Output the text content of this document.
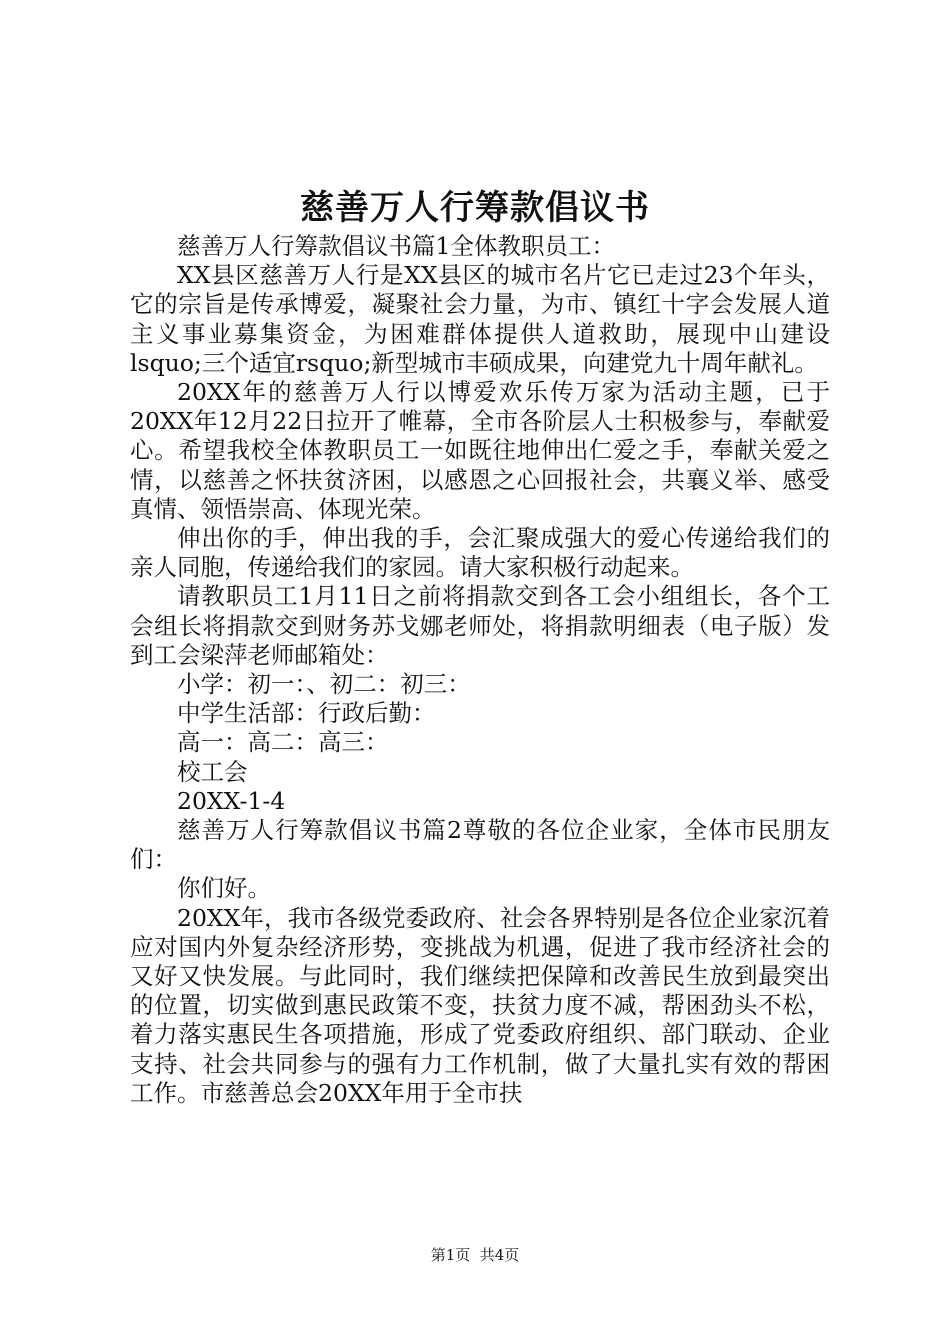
慈善万人行筹款倡议书

慈善万人行筹款倡议书篇1全体教职员工：

XX县区慈善万人行是XX县区的城市名片它已走过23个年头，它的宗旨是传承博爱，凝聚社会力量，为市、镇红十字会发展人道主义事业募集资金，为困难群体提供人道救助，展现中山建设lsquo;三个适宜rsquo;新型城市丰硕成果，向建党九十周年献礼。

20XX年的慈善万人行以博爱欢乐传万家为活动主题，已于20XX年12月22日拉开了帷幕，全市各阶层人士积极参与，奉献爱心。希望我校全体教职员工一如既往地伸出仁爱之手，奉献关爱之情，以慈善之怀扶贫济困，以感恩之心回报社会，共襄义举、感受真情、领悟崇高、体现光荣。

伸出你的手，伸出我的手，会汇聚成强大的爱心传递给我们的亲人同胞，传递给我们的家园。请大家积极行动起来。

请教职员工1月11日之前将捐款交到各工会小组组长，各个工会组长将捐款交到财务苏戈娜老师处，将捐款明细表（电子版）发到工会梁萍老师邮箱处：

小学：初一：、初二：初三：

中学生活部：行政后勤：

高一：高二：高三：

校工会

20XX-1-4

慈善万人行筹款倡议书篇2尊敬的各位企业家，全体市民朋友们：

你们好。

20XX年，我市各级党委政府、社会各界特别是各位企业家沉着应对国内外复杂经济形势，变挑战为机遇，促进了我市经济社会的又好又快发展。与此同时，我们继续把保障和改善民生放到最突出的位置，切实做到惠民政策不变，扶贫力度不减，帮困劲头不松，着力落实惠民生各项措施，形成了党委政府组织、部门联动、企业支持、社会共同参与的强有力工作机制，做了大量扎实有效的帮困工作。市慈善总会20XX年用于全市扶

第1页  共4页
